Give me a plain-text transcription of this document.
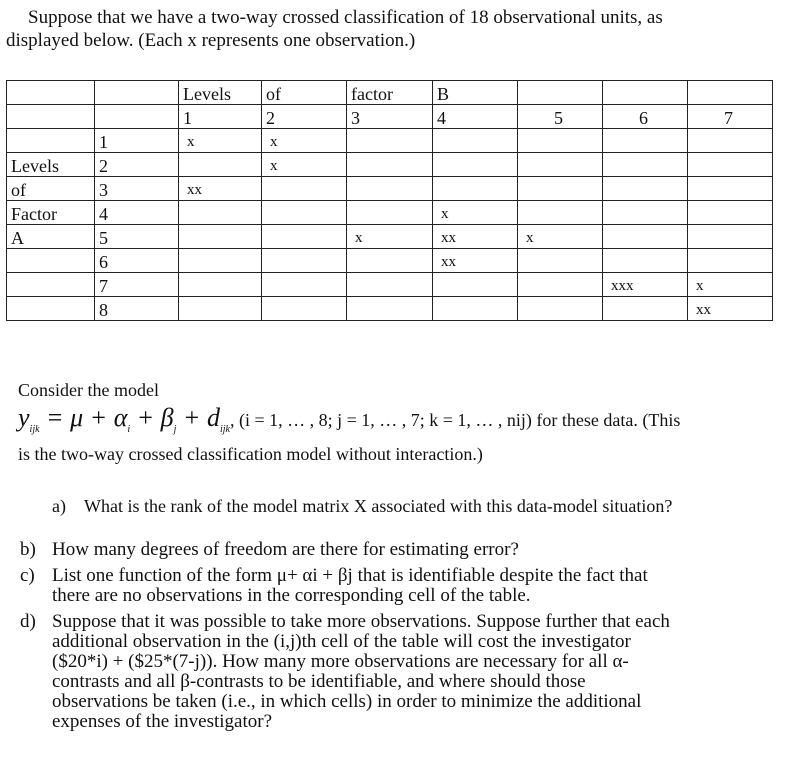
Suppose that we have a two-way crossed classification of 18 observational units, as
displayed below. (Each x represents one observation.)
		Levels	of	factor	B			
		1	2	3	4	5	6	7
	1	x	x					
Levels	2		x					
of	3	xx						
Factor	4				x			
A	5			x	xx	x		
	6				xx			
	7						xxx	x
	8							xx
Consider the model
$y_{ijk} = \mu + \alpha_i + \beta_j + d_{ijk}$, (i = 1, … , 8; j = 1, … , 7; k = 1, … , nij) for these data. (This
is the two-way crossed classification model without interaction.)
a) What is the rank of the model matrix X associated with this data-model situation?
b) How many degrees of freedom are there for estimating error?
c) List one function of the form μ+ αi + βj that is identifiable despite the fact that
there are no observations in the corresponding cell of the table.
d) Suppose that it was possible to take more observations. Suppose further that each
additional observation in the (i,j)th cell of the table will cost the investigator
($20*i) + ($25*(7-j)). How many more observations are necessary for all α-
contrasts and all β-contrasts to be identifiable, and where should those
observations be taken (i.e., in which cells) in order to minimize the additional
expenses of the investigator?
